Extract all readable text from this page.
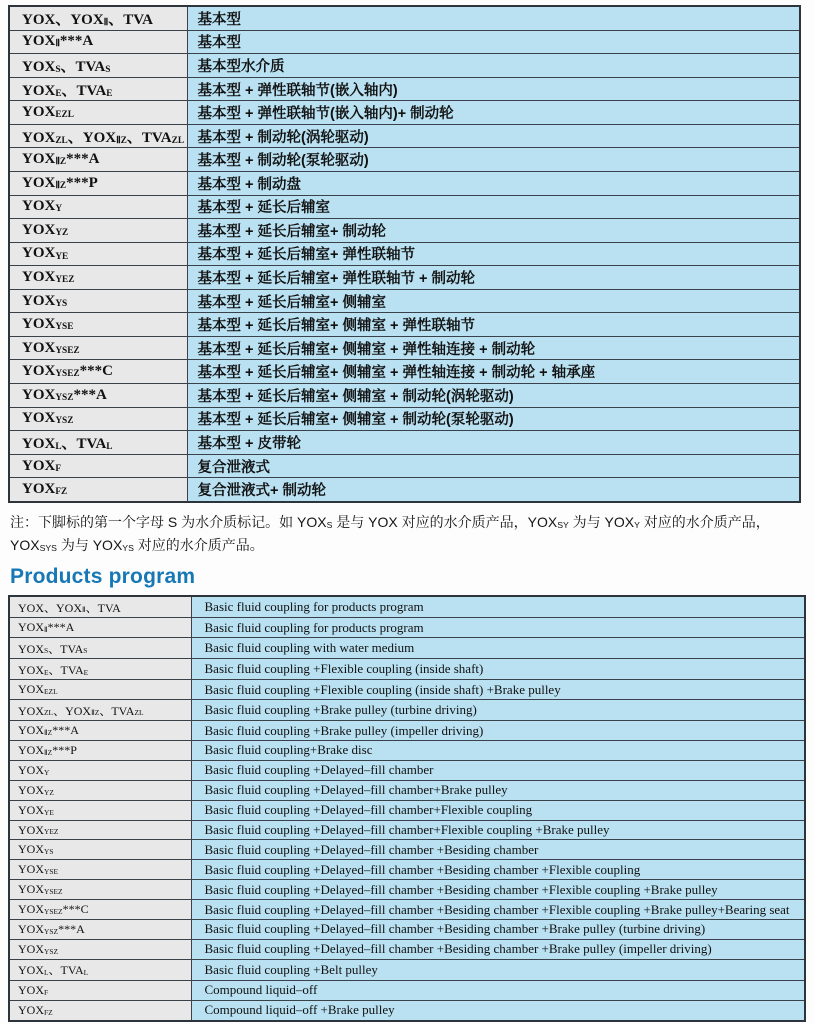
YOX、YOXⅡ、TVA	基本型
YOXⅡ***A	基本型
YOXS、TVAS	基本型水介质
YOXE、TVAE	基本型 + 弹性联轴节(嵌入轴内)
YOXEZL	基本型 + 弹性联轴节(嵌入轴内)+ 制动轮
YOXZL、YOXⅡZ、TVAZL	基本型 + 制动轮(涡轮驱动)
YOXⅡZ***A	基本型 + 制动轮(泵轮驱动)
YOXⅡZ***P	基本型 + 制动盘
YOXY	基本型 + 延长后辅室
YOXYZ	基本型 + 延长后辅室+ 制动轮
YOXYE	基本型 + 延长后辅室+ 弹性联轴节
YOXYEZ	基本型 + 延长后辅室+ 弹性联轴节 + 制动轮
YOXYS	基本型 + 延长后辅室+ 侧辅室
YOXYSE	基本型 + 延长后辅室+ 侧辅室 + 弹性联轴节
YOXYSEZ	基本型 + 延长后辅室+ 侧辅室 + 弹性轴连接 + 制动轮
YOXYSEZ***C	基本型 + 延长后辅室+ 侧辅室 + 弹性轴连接 + 制动轮 + 轴承座
YOXYSZ***A	基本型 + 延长后辅室+ 侧辅室 + 制动轮(涡轮驱动)
YOXYSZ	基本型 + 延长后辅室+ 侧辅室 + 制动轮(泵轮驱动)
YOXL、TVAL	基本型 + 皮带轮
YOXF	复合泄液式
YOXFZ	复合泄液式+ 制动轮

注：下脚标的第一个字母 S 为水介质标记。如 YOXS 是与 YOX 对应的水介质产品，YOXSY 为与 YOXY 对应的水介质产品，
YOXSYS 为与 YOXYS 对应的水介质产品。

Products program
YOX、YOXⅡ、TVA	Basic fluid coupling for products program
YOXⅡ***A	Basic fluid coupling for products program
YOXS、TVAS	Basic fluid coupling with water medium
YOXE、TVAE	Basic fluid coupling +Flexible coupling (inside shaft)
YOXEZL	Basic fluid coupling +Flexible coupling (inside shaft) +Brake pulley
YOXZL、YOXⅡZ、TVAZL	Basic fluid coupling +Brake pulley (turbine driving)
YOXⅡZ***A	Basic fluid coupling +Brake pulley (impeller driving)
YOXⅡZ***P	Basic fluid coupling+Brake disc
YOXY	Basic fluid coupling +Delayed–fill chamber
YOXYZ	Basic fluid coupling +Delayed–fill chamber+Brake pulley
YOXYE	Basic fluid coupling +Delayed–fill chamber+Flexible coupling
YOXYEZ	Basic fluid coupling +Delayed–fill chamber+Flexible coupling +Brake pulley
YOXYS	Basic fluid coupling +Delayed–fill chamber +Besiding chamber
YOXYSE	Basic fluid coupling +Delayed–fill chamber +Besiding chamber +Flexible coupling
YOXYSEZ	Basic fluid coupling +Delayed–fill chamber +Besiding chamber +Flexible coupling +Brake pulley
YOXYSEZ***C	Basic fluid coupling +Delayed–fill chamber +Besiding chamber +Flexible coupling +Brake pulley+Bearing seat
YOXYSZ***A	Basic fluid coupling +Delayed–fill chamber +Besiding chamber +Brake pulley (turbine driving)
YOXYSZ	Basic fluid coupling +Delayed–fill chamber +Besiding chamber +Brake pulley (impeller driving)
YOXL、TVAL	Basic fluid coupling +Belt pulley
YOXF	Compound liquid–off
YOXFZ	Compound liquid–off +Brake pulley
